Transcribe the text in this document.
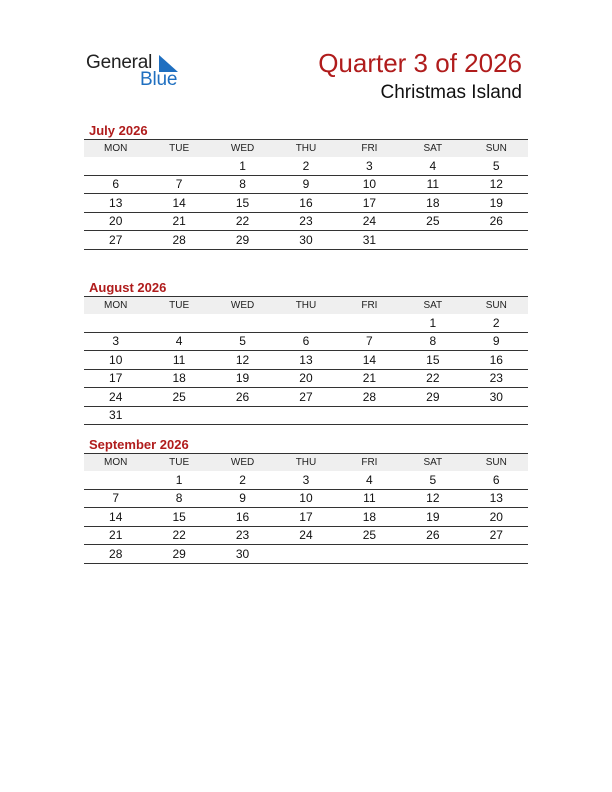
General
Blue
Quarter 3 of 2026
Christmas Island
July 2026
MON	TUE	WED	THU	FRI	SAT	SUN
		1	2	3	4	5
6	7	8	9	10	11	12
13	14	15	16	17	18	19
20	21	22	23	24	25	26
27	28	29	30	31		
August 2026
MON	TUE	WED	THU	FRI	SAT	SUN
					1	2
3	4	5	6	7	8	9
10	11	12	13	14	15	16
17	18	19	20	21	22	23
24	25	26	27	28	29	30
31						
September 2026
MON	TUE	WED	THU	FRI	SAT	SUN
	1	2	3	4	5	6
7	8	9	10	11	12	13
14	15	16	17	18	19	20
21	22	23	24	25	26	27
28	29	30				
